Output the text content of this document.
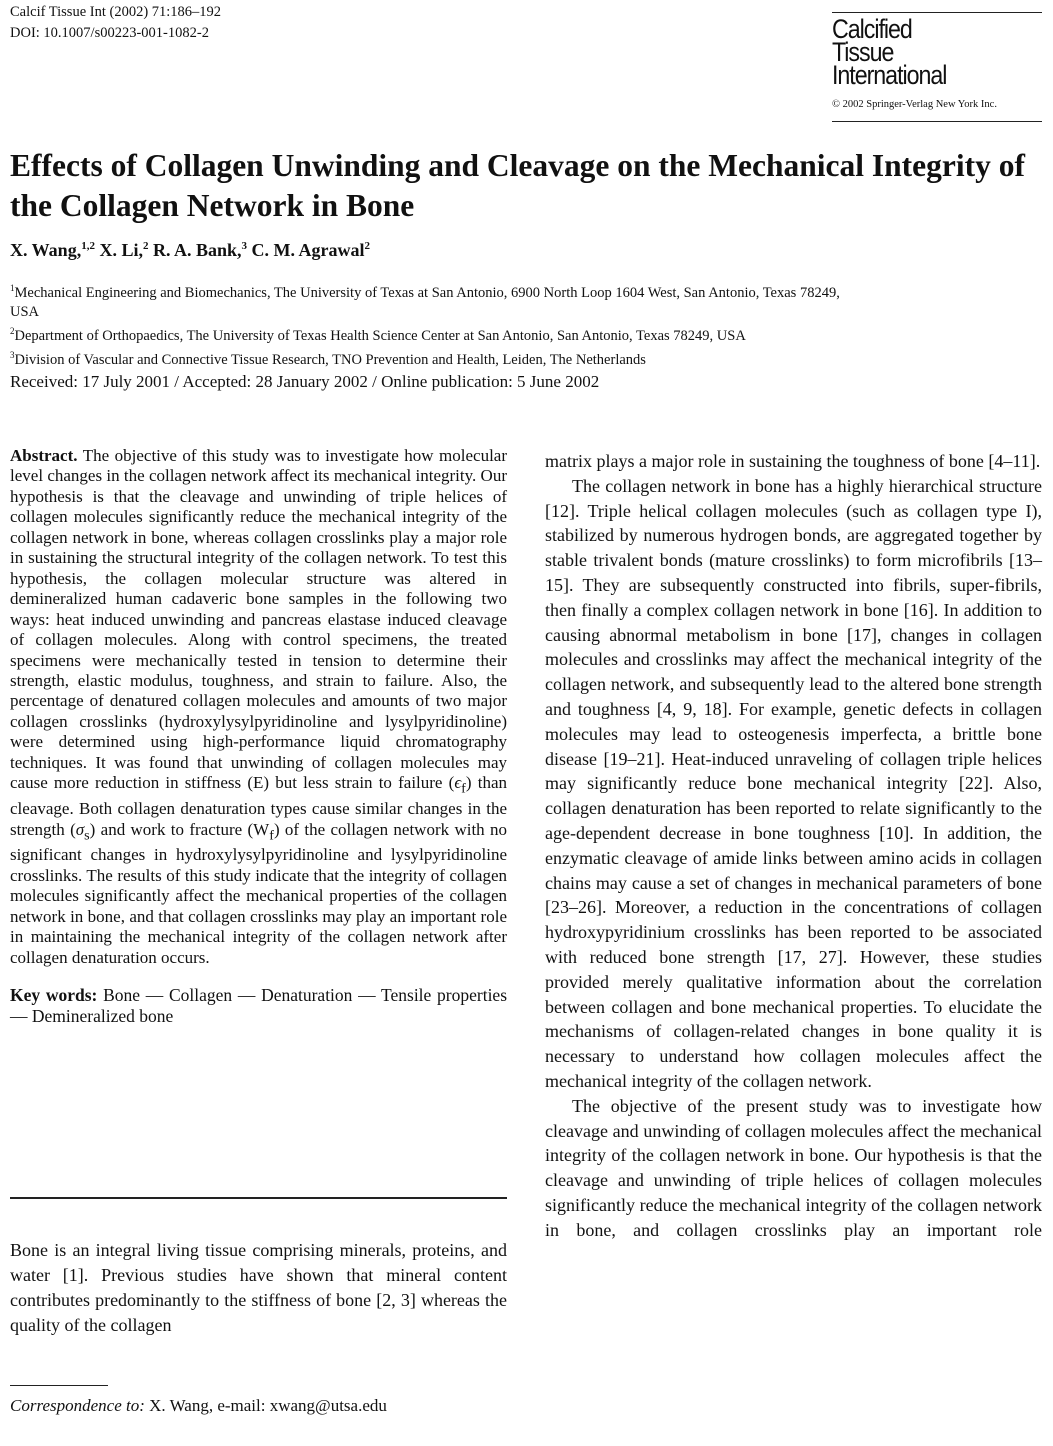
Calcif Tissue Int (2002) 71:186–192
DOI: 10.1007/s00223-001-1082-2	Calcified
Tissue
International
© 2002 Springer-Verlag New York Inc.
Effects of Collagen Unwinding and Cleavage on the Mechanical Integrity of the Collagen Network in Bone
X. Wang,$^{1,2}$ X. Li,$^2$ R. A. Bank,$^3$ C. M. Agrawal$^2$
$^1$Mechanical Engineering and Biomechanics, The University of Texas at San Antonio, 6900 North Loop 1604 West, San Antonio, Texas 78249, USA
$^2$Department of Orthopaedics, The University of Texas Health Science Center at San Antonio, San Antonio, Texas 78249, USA
$^3$Division of Vascular and Connective Tissue Research, TNO Prevention and Health, Leiden, The Netherlands
Received: 17 July 2001 / Accepted: 28 January 2002 / Online publication: 5 June 2002

Abstract. The objective of this study was to investigate how molecular level changes in the collagen network affect its mechanical integrity. Our hypothesis is that the cleavage and unwinding of triple helices of collagen molecules significantly reduce the mechanical integrity of the collagen network in bone, whereas collagen crosslinks play a major role in sustaining the structural integrity of the collagen network. To test this hypothesis, the collagen molecular structure was altered in demineralized human cadaveric bone samples in the following two ways: heat induced unwinding and pancreas elastase induced cleavage of collagen molecules. Along with control specimens, the treated specimens were mechanically tested in tension to determine their strength, elastic modulus, toughness, and strain to failure. Also, the percentage of denatured collagen molecules and amounts of two major collagen crosslinks (hydroxylysylpyridinoline and lysylpyridinoline) were determined using high-performance liquid chromatography techniques. It was found that unwinding of collagen molecules may cause more reduction in stiffness (E) but less strain to failure $(\epsilon_f)$ than cleavage. Both collagen denaturation types cause similar changes in the strength $(\sigma_s)$ and work to fracture $(W_f)$ of the collagen network with no significant changes in hydroxylysylpyridinoline and lysylpyridinoline crosslinks. The results of this study indicate that the integrity of collagen molecules significantly affect the mechanical properties of the collagen network in bone, and that collagen crosslinks may play an important role in maintaining the mechanical integrity of the collagen network after collagen denaturation occurs.

Key words: Bone — Collagen — Denaturation — Tensile properties — Demineralized bone

Bone is an integral living tissue comprising minerals, proteins, and water [1]. Previous studies have shown that mineral content contributes predominantly to the stiffness of bone [2, 3] whereas the quality of the collagen

Correspondence to: X. Wang, e-mail: xwang@utsa.edu

matrix plays a major role in sustaining the toughness of bone [4–11].

The collagen network in bone has a highly hierarchical structure [12]. Triple helical collagen molecules (such as collagen type I), stabilized by numerous hydrogen bonds, are aggregated together by stable trivalent bonds (mature crosslinks) to form microfibrils [13–15]. They are subsequently constructed into fibrils, super-fibrils, then finally a complex collagen network in bone [16]. In addition to causing abnormal metabolism in bone [17], changes in collagen molecules and crosslinks may affect the mechanical integrity of the collagen network, and subsequently lead to the altered bone strength and toughness [4, 9, 18]. For example, genetic defects in collagen molecules may lead to osteogenesis imperfecta, a brittle bone disease [19–21]. Heat-induced unraveling of collagen triple helices may significantly reduce bone mechanical integrity [22]. Also, collagen denaturation has been reported to relate significantly to the age-dependent decrease in bone toughness [10]. In addition, the enzymatic cleavage of amide links between amino acids in collagen chains may cause a set of changes in mechanical parameters of bone [23–26]. Moreover, a reduction in the concentrations of collagen hydroxypyridinium crosslinks has been reported to be associated with reduced bone strength [17, 27]. However, these studies provided merely qualitative information about the correlation between collagen and bone mechanical properties. To elucidate the mechanisms of collagen-related changes in bone quality it is necessary to understand how collagen molecules affect the mechanical integrity of the collagen network.

The objective of the present study was to investigate how cleavage and unwinding of collagen molecules affect the mechanical integrity of the collagen network in bone. Our hypothesis is that the cleavage and unwinding of triple helices of collagen molecules significantly reduce the mechanical integrity of the collagen network in bone, and collagen crosslinks play an important role
